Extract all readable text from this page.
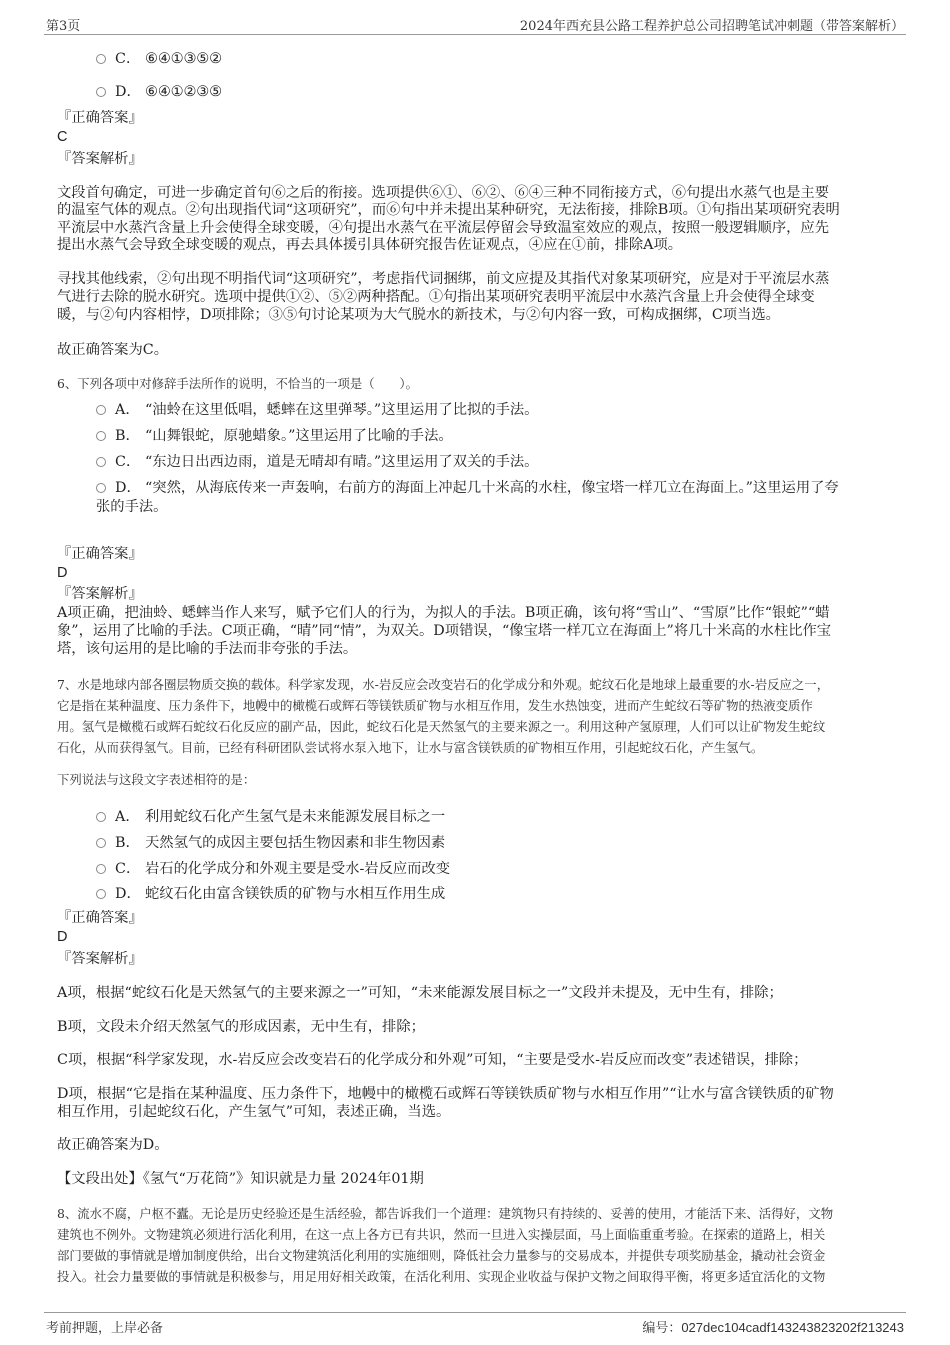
第3页	2024年西充县公路工程养护总公司招聘笔试冲刺题（带答案解析）
C． ⑥④①③⑤②
D． ⑥④①②③⑤
『正确答案』
C
『答案解析』
文段首句确定，可进一步确定首句⑥之后的衔接。选项提供⑥①、⑥②、⑥④三种不同衔接方式，⑥句提出水蒸气也是主要
的温室气体的观点。②句出现指代词“这项研究”，而⑥句中并未提出某种研究，无法衔接，排除B项。①句指出某项研究表明
平流层中水蒸汽含量上升会使得全球变暖，④句提出水蒸气在平流层停留会导致温室效应的观点，按照一般逻辑顺序，应先
提出水蒸气会导致全球变暖的观点，再去具体援引具体研究报告佐证观点，④应在①前，排除A项。
寻找其他线索，②句出现不明指代词“这项研究”，考虑指代词捆绑，前文应提及其指代对象某项研究，应是对于平流层水蒸
气进行去除的脱水研究。选项中提供①②、⑤②两种搭配。①句指出某项研究表明平流层中水蒸汽含量上升会使得全球变
暖，与②句内容相悖，D项排除；③⑤句讨论某项为大气脱水的新技术，与②句内容一致，可构成捆绑，C项当选。
故正确答案为C。
6、下列各项中对修辞手法所作的说明，不恰当的一项是（　　）。
A． “油蛉在这里低唱，蟋蟀在这里弹琴。”这里运用了比拟的手法。
B． “山舞银蛇，原驰蜡象。”这里运用了比喻的手法。
C． “东边日出西边雨，道是无晴却有晴。”这里运用了双关的手法。
D． “突然，从海底传来一声轰响，右前方的海面上冲起几十米高的水柱，像宝塔一样兀立在海面上。”这里运用了夸
张的手法。
『正确答案』
D
『答案解析』
A项正确，把油蛉、蟋蟀当作人来写，赋予它们人的行为，为拟人的手法。B项正确，该句将“雪山”、“雪原”比作“银蛇”“蜡
象”，运用了比喻的手法。C项正确，“晴”同“情”，为双关。D项错误，“像宝塔一样兀立在海面上”将几十米高的水柱比作宝
塔，该句运用的是比喻的手法而非夸张的手法。
7、水是地球内部各圈层物质交换的载体。科学家发现，水-岩反应会改变岩石的化学成分和外观。蛇纹石化是地球上最重要的水-岩反应之一，
它是指在某种温度、压力条件下，地幔中的橄榄石或辉石等镁铁质矿物与水相互作用，发生水热蚀变，进而产生蛇纹石等矿物的热液变质作
用。氢气是橄榄石或辉石蛇纹石化反应的副产品，因此，蛇纹石化是天然氢气的主要来源之一。利用这种产氢原理，人们可以让矿物发生蛇纹
石化，从而获得氢气。目前，已经有科研团队尝试将水泵入地下，让水与富含镁铁质的矿物相互作用，引起蛇纹石化，产生氢气。
下列说法与这段文字表述相符的是：
A． 利用蛇纹石化产生氢气是未来能源发展目标之一
B． 天然氢气的成因主要包括生物因素和非生物因素
C． 岩石的化学成分和外观主要是受水-岩反应而改变
D． 蛇纹石化由富含镁铁质的矿物与水相互作用生成
『正确答案』
D
『答案解析』
A项，根据“蛇纹石化是天然氢气的主要来源之一”可知，“未来能源发展目标之一”文段并未提及，无中生有，排除；
B项，文段未介绍天然氢气的形成因素，无中生有，排除；
C项，根据“科学家发现，水-岩反应会改变岩石的化学成分和外观”可知，“主要是受水-岩反应而改变”表述错误，排除；
D项，根据“它是指在某种温度、压力条件下，地幔中的橄榄石或辉石等镁铁质矿物与水相互作用”“让水与富含镁铁质的矿物
相互作用，引起蛇纹石化，产生氢气”可知，表述正确，当选。
故正确答案为D。
【文段出处】《氢气“万花筒”》知识就是力量 2024年01期
8、流水不腐，户枢不蠹。无论是历史经验还是生活经验，都告诉我们一个道理：建筑物只有持续的、妥善的使用，才能活下来、活得好，文物
建筑也不例外。文物建筑必须进行活化利用，在这一点上各方已有共识，然而一旦进入实操层面，马上面临重重考验。在探索的道路上，相关
部门要做的事情就是增加制度供给，出台文物建筑活化利用的实施细则，降低社会力量参与的交易成本，并提供专项奖励基金，撬动社会资金
投入。社会力量要做的事情就是积极参与，用足用好相关政策，在活化利用、实现企业收益与保护文物之间取得平衡，将更多适宜活化的文物
考前押题，上岸必备	编号：027dec104cadf143243823202f213243
